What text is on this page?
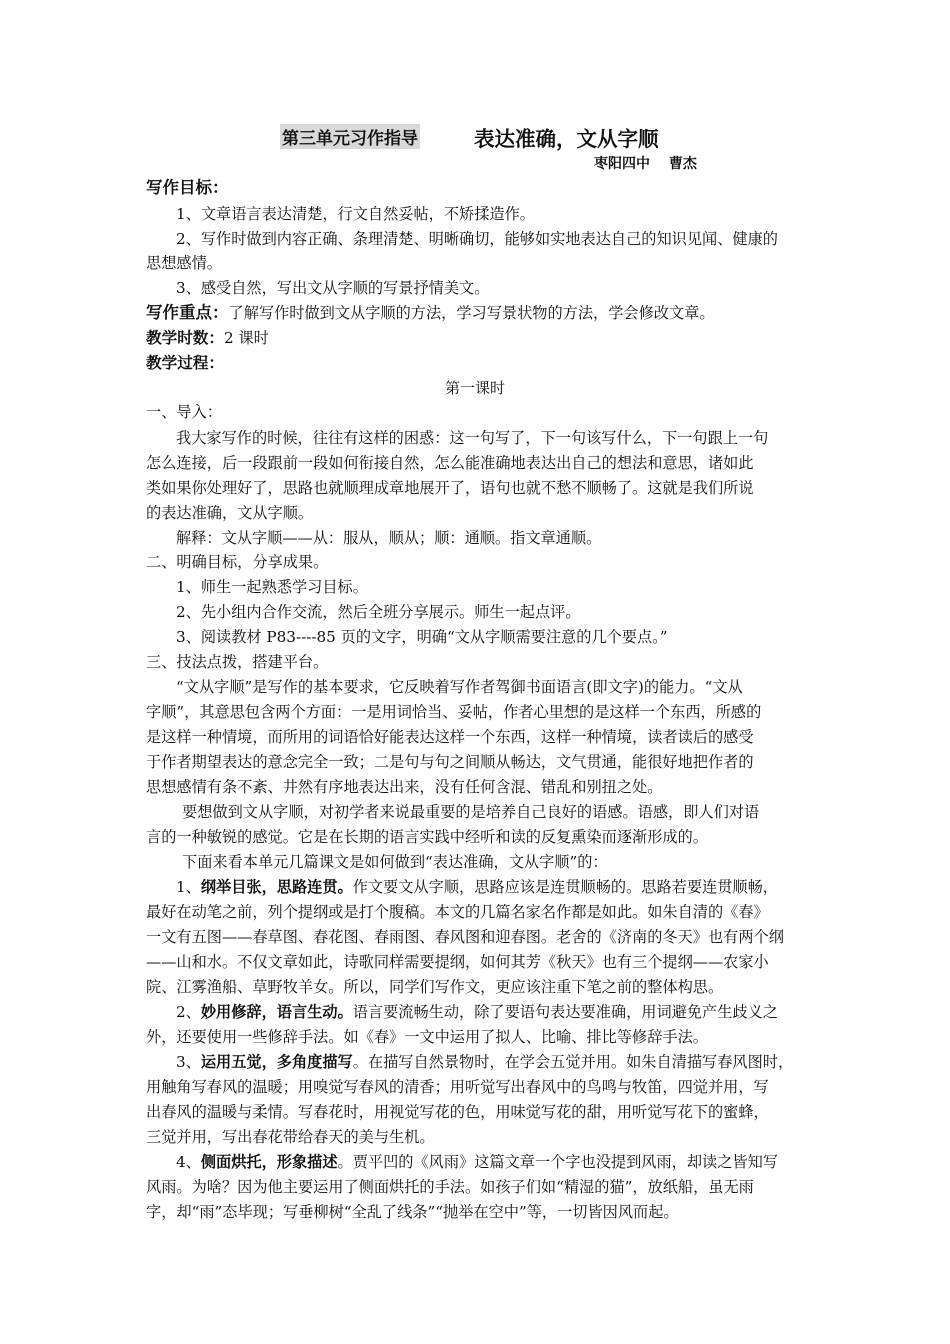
第三单元习作指导	表达准确，文从字顺
枣阳四中　 曹杰
写作目标：
1、文章语言表达清楚，行文自然妥帖，不矫揉造作。
2、写作时做到内容正确、条理清楚、明晰确切，能够如实地表达自己的知识见闻、健康的
思想感情。
3、感受自然，写出文从字顺的写景抒情美文。
写作重点：了解写作时做到文从字顺的方法，学习写景状物的方法，学会修改文章。
教学时数：2 课时
教学过程：
第一课时
一、导入：
我大家写作的时候，往往有这样的困惑：这一句写了，下一句该写什么，下一句跟上一句
怎么连接，后一段跟前一段如何衔接自然，怎么能准确地表达出自己的想法和意思，诸如此
类如果你处理好了，思路也就顺理成章地展开了，语句也就不愁不顺畅了。这就是我们所说
的表达准确，文从字顺。
解释：文从字顺——从：服从，顺从；顺：通顺。指文章通顺。
二、明确目标，分享成果。
1、师生一起熟悉学习目标。
2、先小组内合作交流，然后全班分享展示。师生一起点评。
3、阅读教材 P83----85 页的文字，明确“文从字顺需要注意的几个要点。”
三、技法点拨，搭建平台。
“文从字顺”是写作的基本要求，它反映着写作者驾御书面语言(即文字)的能力。“文从
字顺”，其意思包含两个方面：一是用词恰当、妥帖，作者心里想的是这样一个东西，所感的
是这样一种情境，而所用的词语恰好能表达这样一个东西，这样一种情境，读者读后的感受
于作者期望表达的意念完全一致；二是句与句之间顺从畅达，文气贯通，能很好地把作者的
思想感情有条不紊、井然有序地表达出来，没有任何含混、错乱和别扭之处。
要想做到文从字顺，对初学者来说最重要的是培养自己良好的语感。语感，即人们对语
言的一种敏锐的感觉。它是在长期的语言实践中经听和读的反复熏染而逐渐形成的。
下面来看本单元几篇课文是如何做到“表达准确，文从字顺”的：
1、纲举目张，思路连贯。作文要文从字顺，思路应该是连贯顺畅的。思路若要连贯顺畅，
最好在动笔之前，列个提纲或是打个腹稿。本文的几篇名家名作都是如此。如朱自清的《春》
一文有五图——春草图、春花图、春雨图、春风图和迎春图。老舍的《济南的冬天》也有两个纲
——山和水。不仅文章如此，诗歌同样需要提纲，如何其芳《秋天》也有三个提纲——农家小
院、江雾渔船、草野牧羊女。所以，同学们写作文，更应该注重下笔之前的整体构思。
2、妙用修辞，语言生动。语言要流畅生动，除了要语句表达要准确，用词避免产生歧义之
外，还要使用一些修辞手法。如《春》一文中运用了拟人、比喻、排比等修辞手法。
3、运用五觉，多角度描写。在描写自然景物时，在学会五觉并用。如朱自清描写春风图时，
用触角写春风的温暖；用嗅觉写春风的清香；用听觉写出春风中的鸟鸣与牧笛，四觉并用，写
出春风的温暖与柔情。写春花时，用视觉写花的色，用味觉写花的甜，用听觉写花下的蜜蜂，
三觉并用，写出春花带给春天的美与生机。
4、侧面烘托，形象描述。贾平凹的《风雨》这篇文章一个字也没提到风雨，却读之皆知写
风雨。为啥？因为他主要运用了侧面烘托的手法。如孩子们如“精湿的猫”，放纸船，虽无雨
字，却“雨”态毕现；写垂柳树“全乱了线条”“抛举在空中”等，一切皆因风而起。
